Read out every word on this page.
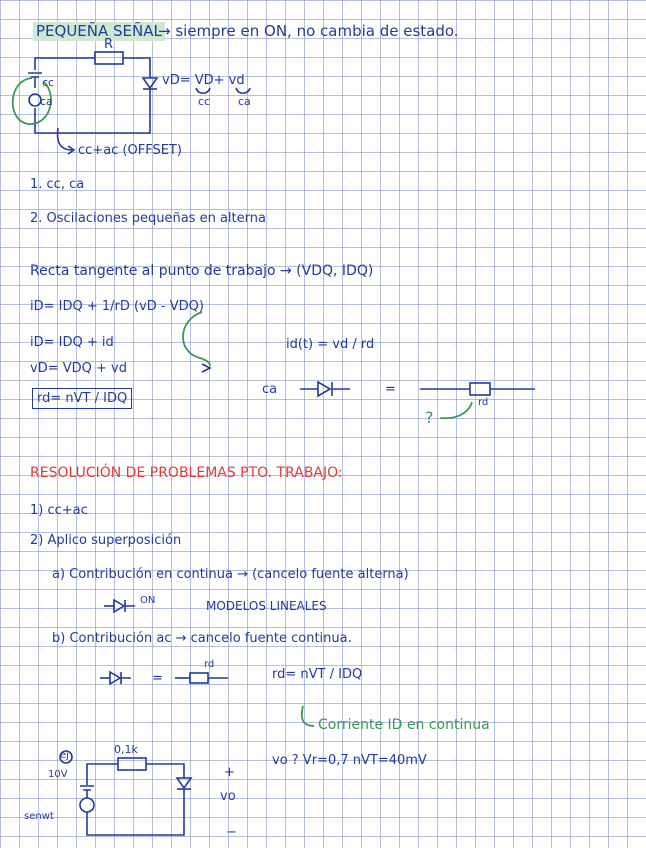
PEQUEÑA SEÑAL
→ siempre en ON, no cambia de estado.
R
cc
ca
vD= VD+ vd
cc	ca
cc+ac (OFFSET)
1. cc, ca
2. Oscilaciones pequeñas en alterna
Recta tangente al punto de trabajo → (VDQ, IDQ)
iD= IDQ + 1/rD (vD - VDQ)
iD= IDQ + id
vD= VDQ + vd
rd= nVT / IDQ
id(t) = vd / rd
ca	=
rd
?
RESOLUCIÓN DE PROBLEMAS PTO. TRABAJO:
1) cc+ac
2) Aplico superposición
a) Contribución en continua → (cancelo fuente alterna)
ON	MODELOS LINEALES
b) Contribución ac → cancelo fuente continua.
=
rd
rd= nVT / IDQ
Corriente ID en continua
ej	0,1k
10V
senwt
+
vo
−
vo ? Vr=0,7 nVT=40mV
